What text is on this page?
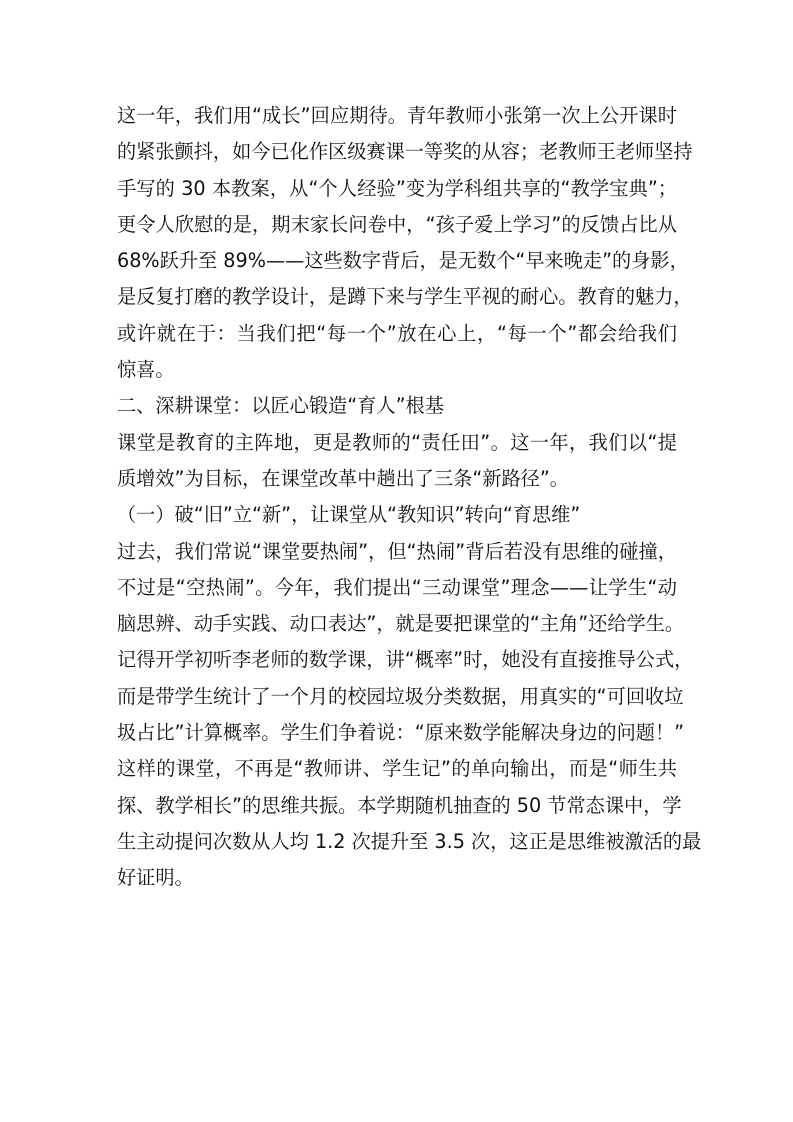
这一年，我们用“成长”回应期待。青年教师小张第一次上公开课时
的紧张颤抖，如今已化作区级赛课一等奖的从容；老教师王老师坚持
手写的 30 本教案，从“个人经验”变为学科组共享的“教学宝典”；
更令人欣慰的是，期末家长问卷中，“孩子爱上学习”的反馈占比从
68%跃升至 89%——这些数字背后，是无数个“早来晚走”的身影，
是反复打磨的教学设计，是蹲下来与学生平视的耐心。教育的魅力，
或许就在于：当我们把“每一个”放在心上，“每一个”都会给我们
惊喜。
二、深耕课堂：以匠心锻造“育人”根基
课堂是教育的主阵地，更是教师的“责任田”。这一年，我们以“提
质增效”为目标，在课堂改革中趟出了三条“新路径”。
（一）破“旧”立“新”，让课堂从“教知识”转向“育思维”
过去，我们常说“课堂要热闹”，但“热闹”背后若没有思维的碰撞，
不过是“空热闹”。今年，我们提出“三动课堂”理念——让学生“动
脑思辨、动手实践、动口表达”，就是要把课堂的“主角”还给学生。
记得开学初听李老师的数学课，讲“概率”时，她没有直接推导公式，
而是带学生统计了一个月的校园垃圾分类数据，用真实的“可回收垃
圾占比”计算概率。学生们争着说：“原来数学能解决身边的问题！”
这样的课堂，不再是“教师讲、学生记”的单向输出，而是“师生共
探、教学相长”的思维共振。本学期随机抽查的 50 节常态课中，学
生主动提问次数从人均 1.2 次提升至 3.5 次，这正是思维被激活的最
好证明。
